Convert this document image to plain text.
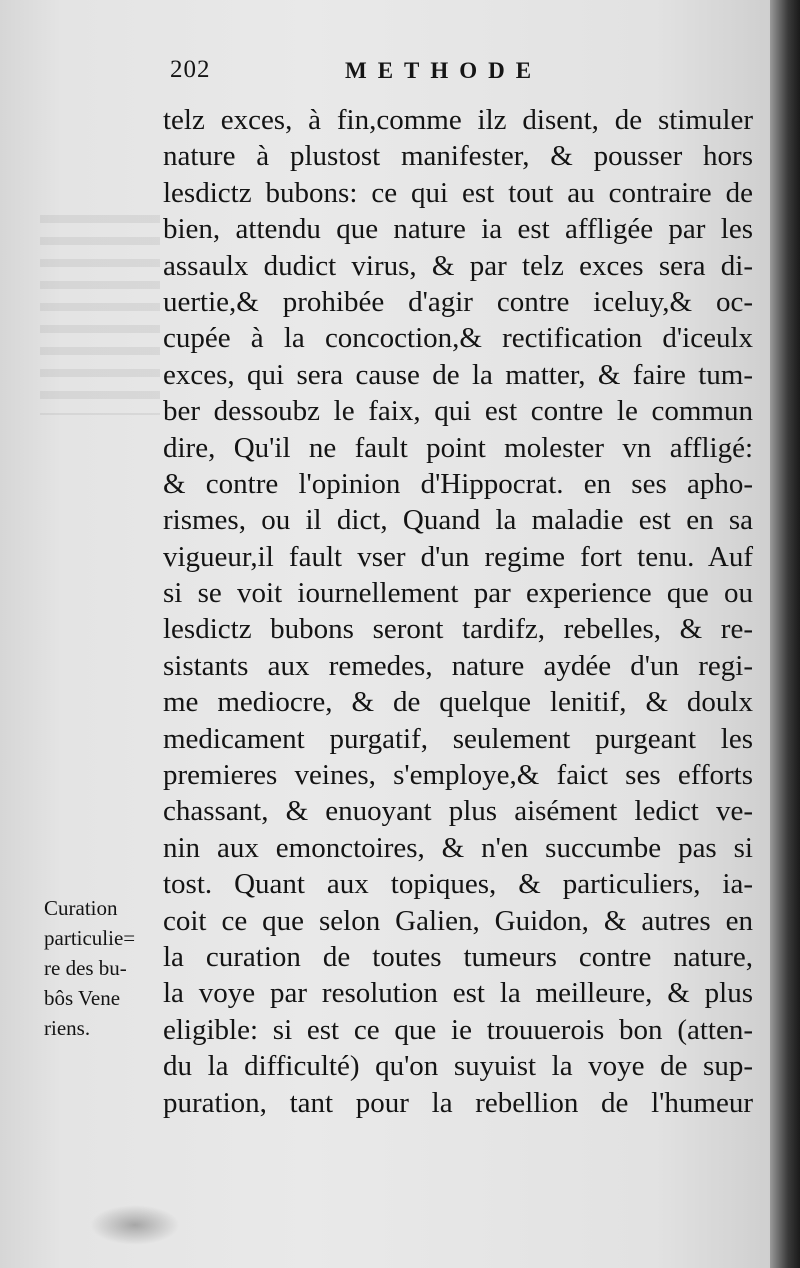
202	METHODE
telz exces, à fin,comme ilz disent, de stimuler
nature à plustost manifester, & pousser hors
lesdictz bubons: ce qui est tout au contraire de
bien, attendu que nature ia est affligée par les
assaulx dudict virus, & par telz exces sera di-
uertie,& prohibée d'agir contre iceluy,& oc-
cupée à la concoction,& rectification d'iceulx
exces, qui sera cause de la matter, & faire tum-
ber dessoubz le faix, qui est contre le commun
dire, Qu'il ne fault point molester vn affligé:
& contre l'opinion d'Hippocrat. en ses apho-
rismes, ou il dict, Quand la maladie est en sa
vigueur,il fault vser d'un regime fort tenu. Auf
si se voit iournellement par experience que ou
lesdictz bubons seront tardifz, rebelles, & re-
sistants aux remedes, nature aydée d'un regi-
me mediocre, & de quelque lenitif, & doulx
medicament purgatif, seulement purgeant les
premieres veines, s'employe,& faict ses efforts
chassant, & enuoyant plus aisément ledict ve-
nin aux emonctoires, & n'en succumbe pas si
tost. Quant aux topiques, & particuliers, ia-
coit ce que selon Galien, Guidon, & autres en
la curation de toutes tumeurs contre nature,
la voye par resolution est la meilleure, & plus
eligible: si est ce que ie trouuerois bon (atten-
du la difficulté) qu'on suyuist la voye de sup-
puration, tant pour la rebellion de l'humeur
Curation
particulie=
re des bu-
bôs Vene
riens.
